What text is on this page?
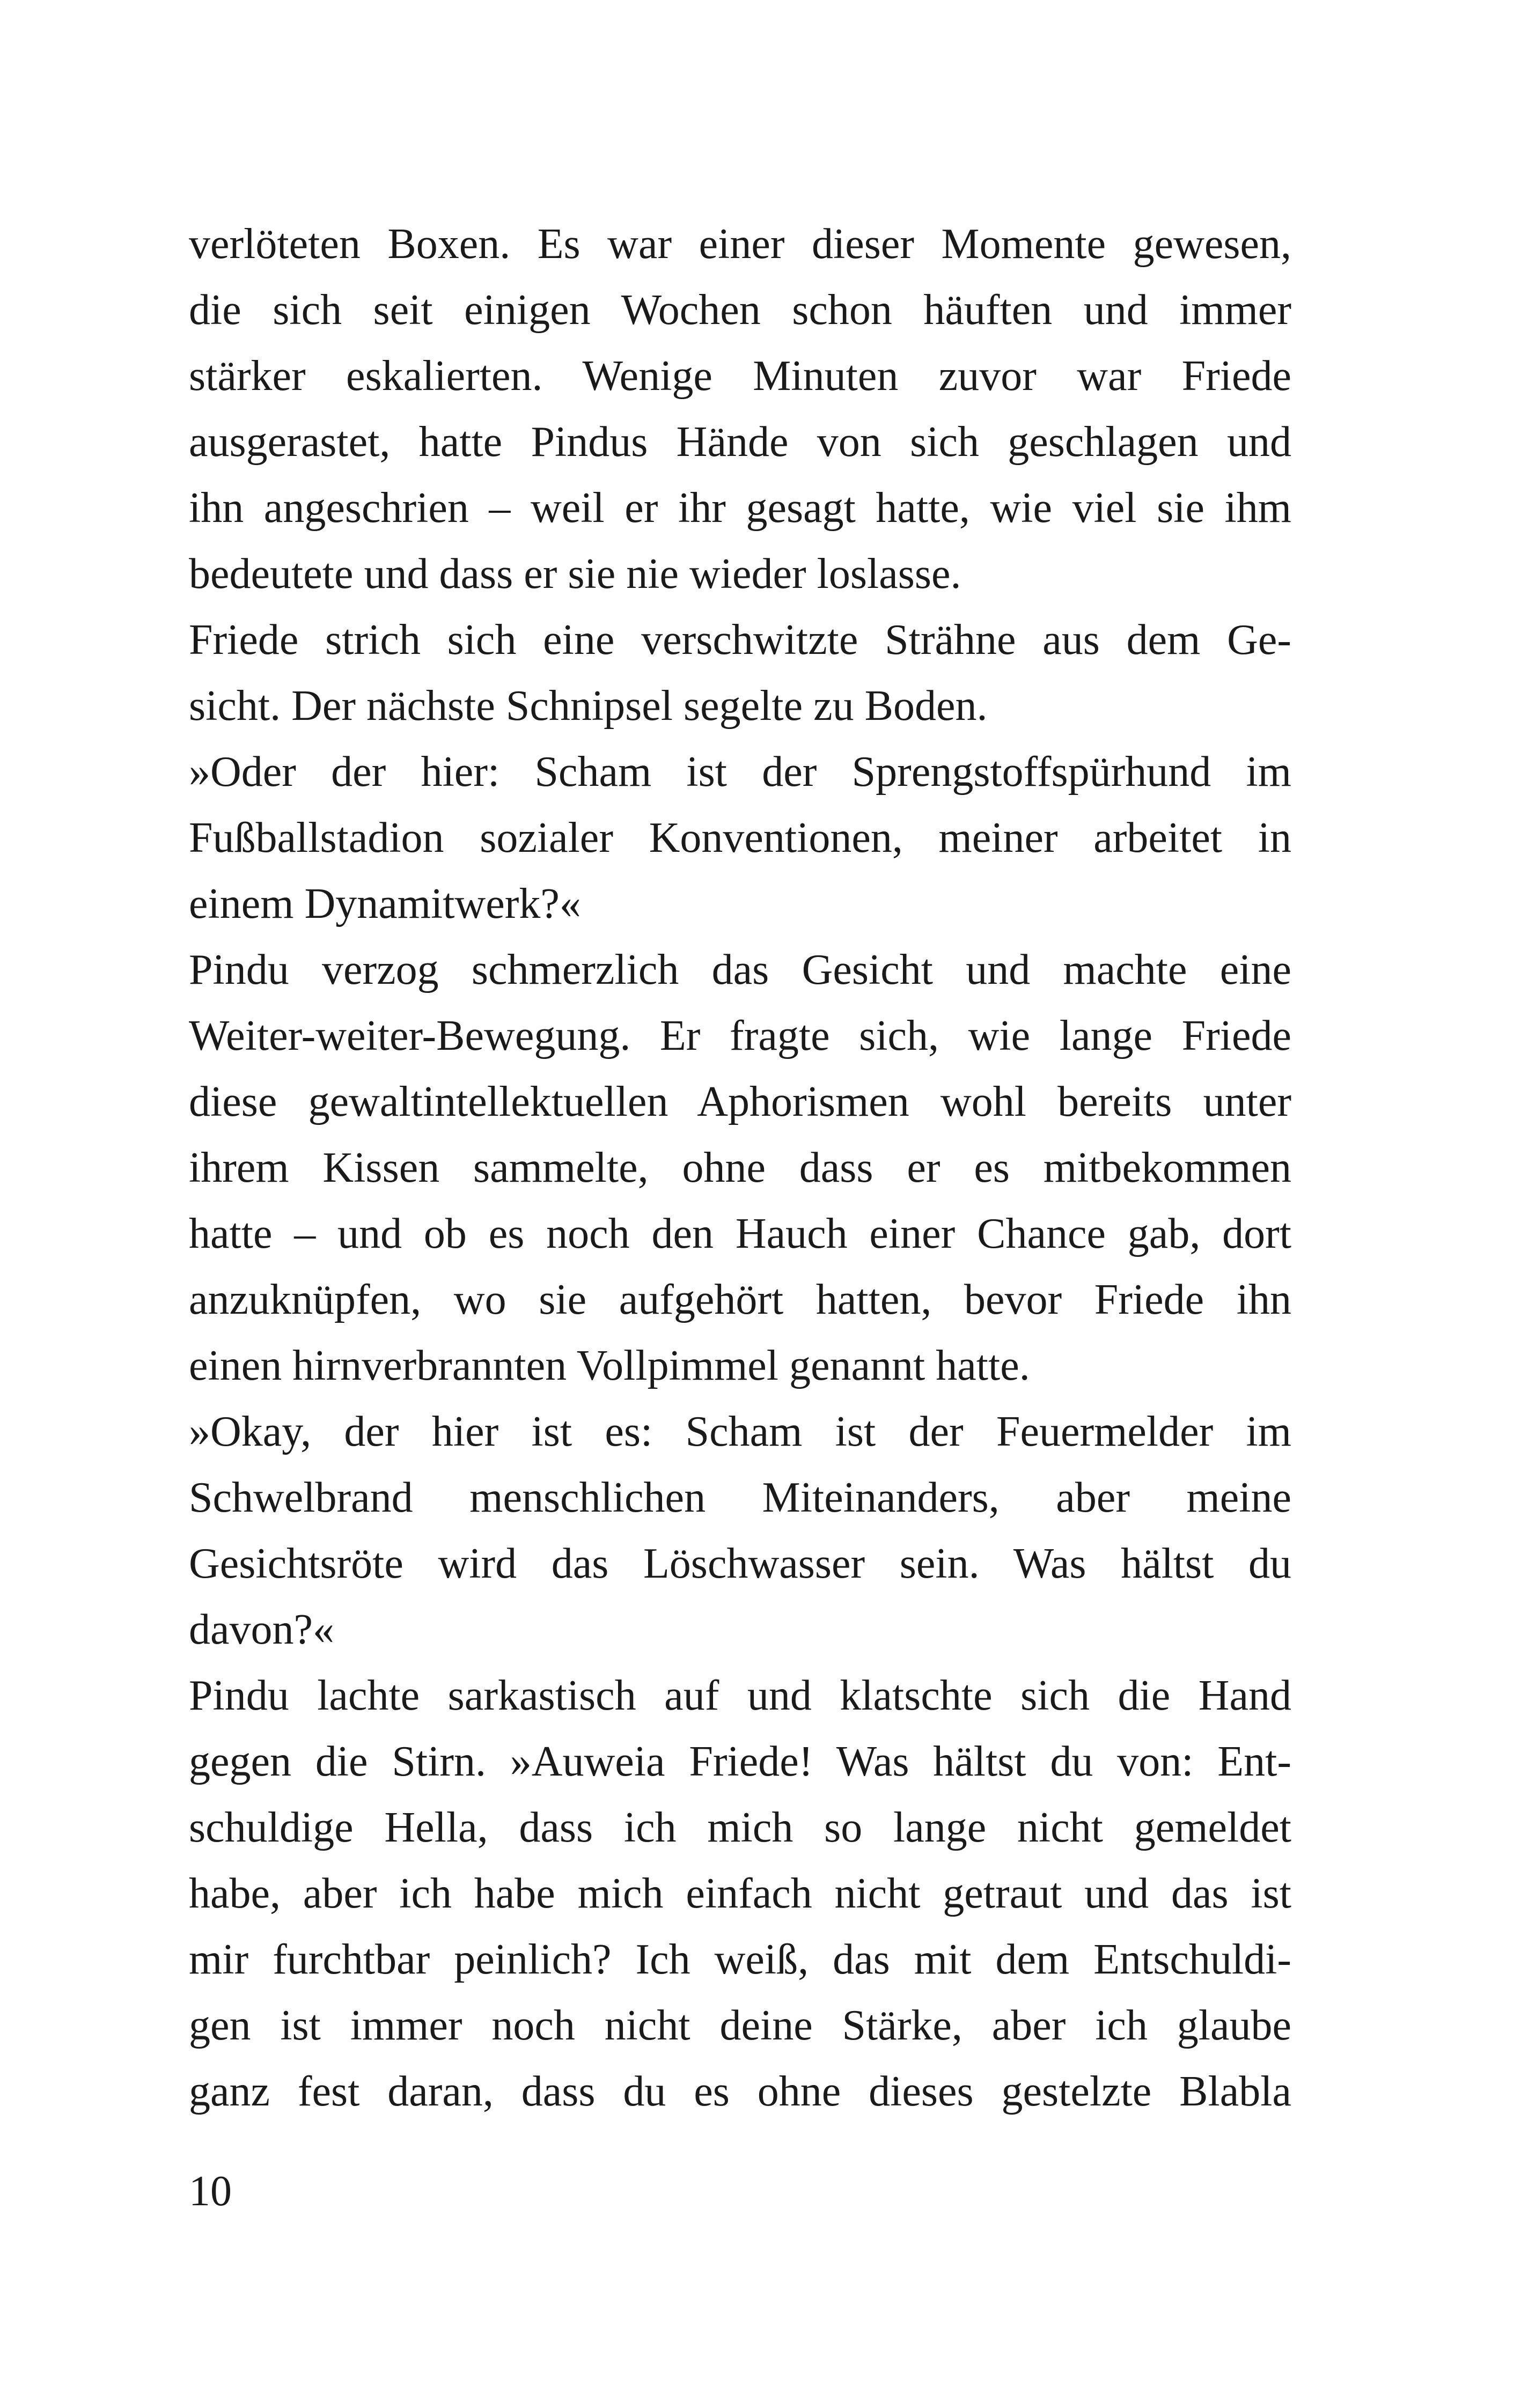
verlöteten Boxen. Es war einer dieser Momente gewesen,
die sich seit einigen Wochen schon häuften und immer
stärker eskalierten. Wenige Minuten zuvor war Friede
ausgerastet, hatte Pindus Hände von sich geschlagen und
ihn angeschrien – weil er ihr gesagt hatte, wie viel sie ihm
bedeutete und dass er sie nie wieder loslasse.
Friede strich sich eine verschwitzte Strähne aus dem Ge-
sicht. Der nächste Schnipsel segelte zu Boden.
»Oder der hier: Scham ist der Sprengstoffspürhund im
Fußballstadion sozialer Konventionen, meiner arbeitet in
einem Dynamitwerk?«
Pindu verzog schmerzlich das Gesicht und machte eine
Weiter-weiter-Bewegung. Er fragte sich, wie lange Friede
diese gewaltintellektuellen Aphorismen wohl bereits unter
ihrem Kissen sammelte, ohne dass er es mitbekommen
hatte – und ob es noch den Hauch einer Chance gab, dort
anzuknüpfen, wo sie aufgehört hatten, bevor Friede ihn
einen hirnverbrannten Vollpimmel genannt hatte.
»Okay, der hier ist es: Scham ist der Feuermelder im
Schwelbrand menschlichen Miteinanders, aber meine
Gesichtsröte wird das Löschwasser sein. Was hältst du
davon?«
Pindu lachte sarkastisch auf und klatschte sich die Hand
gegen die Stirn. »Auweia Friede! Was hältst du von: Ent-
schuldige Hella, dass ich mich so lange nicht gemeldet
habe, aber ich habe mich einfach nicht getraut und das ist
mir furchtbar peinlich? Ich weiß, das mit dem Entschuldi-
gen ist immer noch nicht deine Stärke, aber ich glaube
ganz fest daran, dass du es ohne dieses gestelzte Blabla
10
